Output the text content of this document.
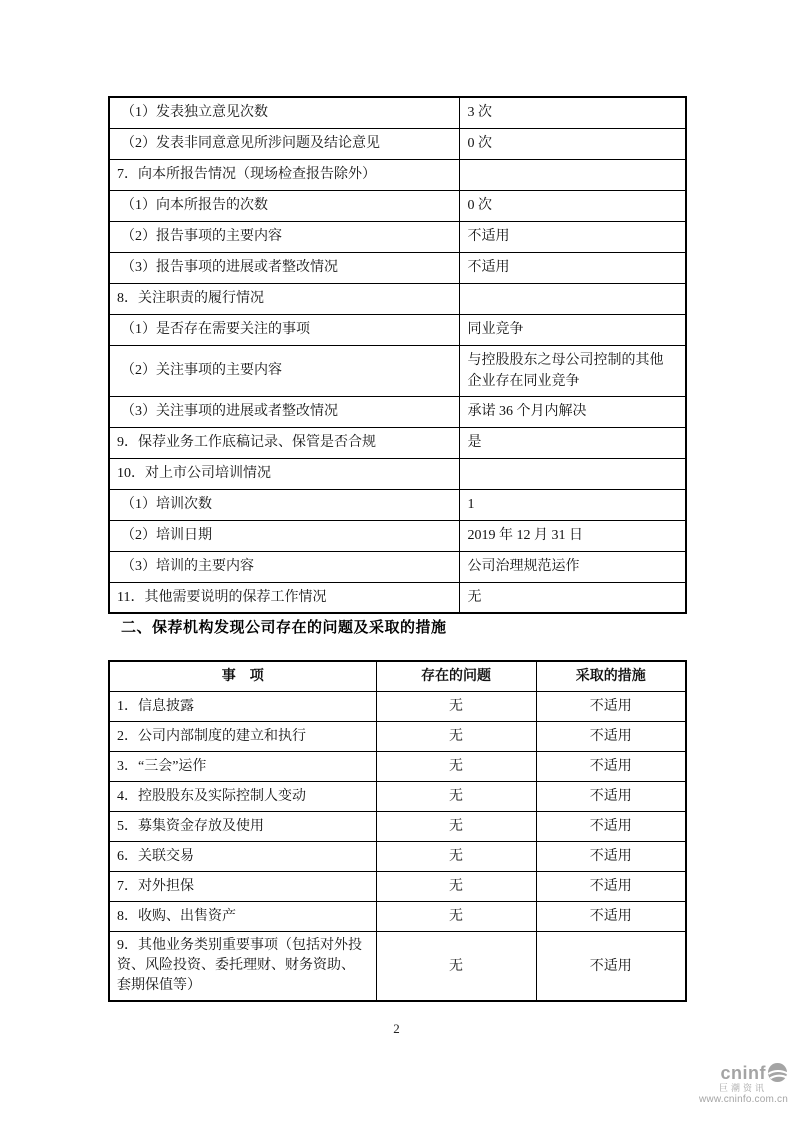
（1）发表独立意见次数	3 次
（2）发表非同意意见所涉问题及结论意见	0 次
7．向本所报告情况（现场检查报告除外）	
（1）向本所报告的次数	0 次
（2）报告事项的主要内容	不适用
（3）报告事项的进展或者整改情况	不适用
8．关注职责的履行情况	
（1）是否存在需要关注的事项	同业竞争
（2）关注事项的主要内容	与控股股东之母公司控制的其他企业存在同业竞争
（3）关注事项的进展或者整改情况	承诺 36 个月内解决
9．保荐业务工作底稿记录、保管是否合规	是
10．对上市公司培训情况	
（1）培训次数	1
（2）培训日期	2019 年 12 月 31 日
（3）培训的主要内容	公司治理规范运作
11．其他需要说明的保荐工作情况	无
二、保荐机构发现公司存在的问题及采取的措施
事　项	存在的问题	采取的措施
1．信息披露	无	不适用
2．公司内部制度的建立和执行	无	不适用
3．“三会”运作	无	不适用
4．控股股东及实际控制人变动	无	不适用
5．募集资金存放及使用	无	不适用
6．关联交易	无	不适用
7．对外担保	无	不适用
8．收购、出售资产	无	不适用
9．其他业务类别重要事项（包括对外投资、风险投资、委托理财、财务资助、套期保值等）	无	不适用
2
cninf
巨潮资讯
www.cninfo.com.cn
